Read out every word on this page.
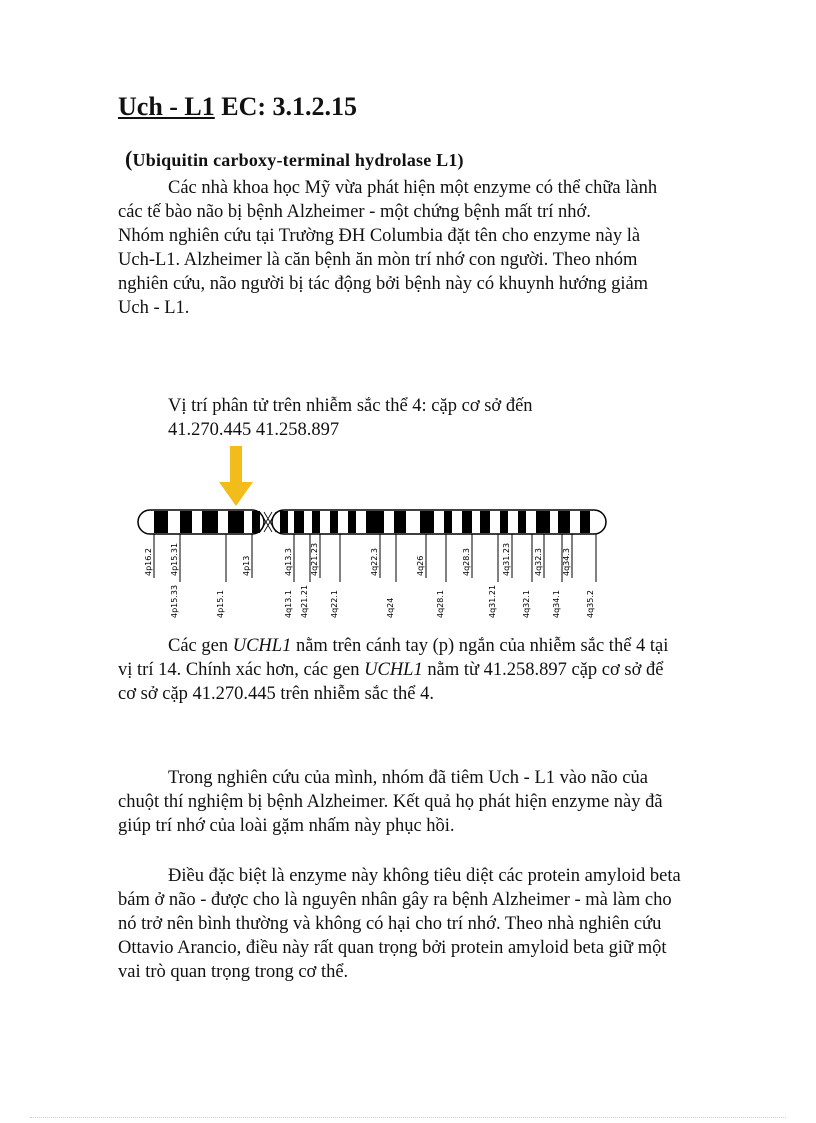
Uch - L1 EC: 3.1.2.15
(Ubiquitin carboxy-terminal hydrolase L1)
Các nhà khoa học Mỹ vừa phát hiện một enzyme có thể chữa lành
các tế bào não bị bệnh Alzheimer - một chứng bệnh mất trí nhớ.
Nhóm nghiên cứu tại Trường ĐH Columbia đặt tên cho enzyme này là
Uch-L1. Alzheimer là căn bệnh ăn mòn trí nhớ con người. Theo nhóm
nghiên cứu, não người bị tác động bởi bệnh này có khuynh hướng giảm
Uch - L1.
Vị trí phân tử trên nhiễm sắc thể 4: cặp cơ sở đến
41.270.445 41.258.897
4p16.2 4p15.31	4p13	4q13.3 4q21.23	4q22.3	4q26	4q28.3	4q31.23	4q32.3 4q34.3
4p15.33	4p15.1	4q13.1 4q21.21	4q22.1	4q24	4q28.1	4q31.21	4q32.1	4q34.1	4q35.2
Các gen UCHL1 nằm trên cánh tay (p) ngắn của nhiễm sắc thể 4 tại
vị trí 14. Chính xác hơn, các gen UCHL1 nằm từ 41.258.897 cặp cơ sở để
cơ sở cặp 41.270.445 trên nhiễm sắc thể 4.
Trong nghiên cứu của mình, nhóm đã tiêm Uch - L1 vào não của
chuột thí nghiệm bị bệnh Alzheimer. Kết quả họ phát hiện enzyme này đã
giúp trí nhớ của loài gặm nhấm này phục hồi.
Điều đặc biệt là enzyme này không tiêu diệt các protein amyloid beta
bám ở não - được cho là nguyên nhân gây ra bệnh Alzheimer - mà làm cho
nó trở nên bình thường và không có hại cho trí nhớ. Theo nhà nghiên cứu
Ottavio Arancio, điều này rất quan trọng bởi protein amyloid beta giữ một
vai trò quan trọng trong cơ thể.
